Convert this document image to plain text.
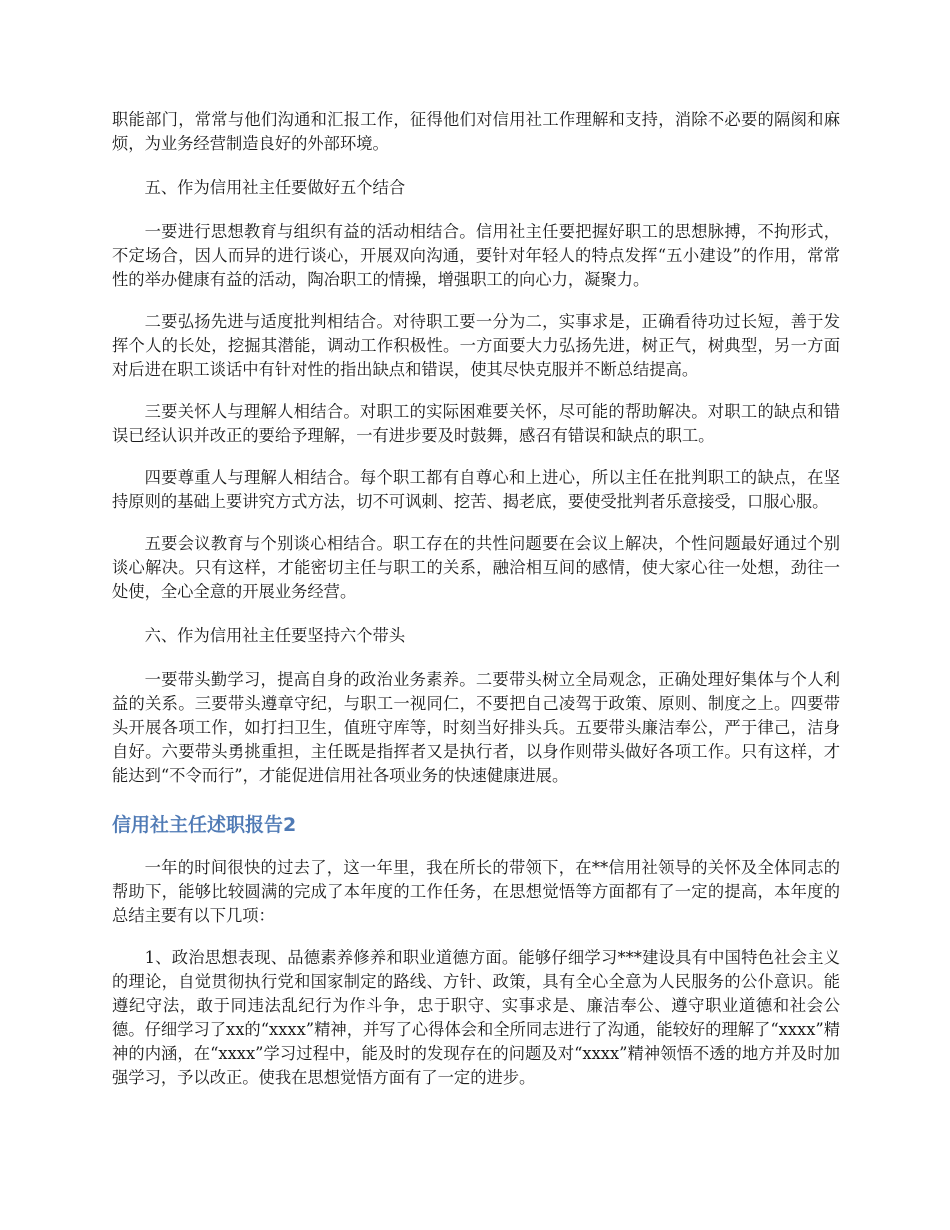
职能部门，常常与他们沟通和汇报工作，征得他们对信用社工作理解和支持，消除不必要的隔阂和麻烦，为业务经营制造良好的外部环境。

五、作为信用社主任要做好五个结合

一要进行思想教育与组织有益的活动相结合。信用社主任要把握好职工的思想脉搏，不拘形式，不定场合，因人而异的进行谈心，开展双向沟通，要针对年轻人的特点发挥“五小建设”的作用，常常性的举办健康有益的活动，陶冶职工的情操，增强职工的向心力，凝聚力。

二要弘扬先进与适度批判相结合。对待职工要一分为二，实事求是，正确看待功过长短，善于发挥个人的长处，挖掘其潜能，调动工作积极性。一方面要大力弘扬先进，树正气，树典型，另一方面对后进在职工谈话中有针对性的指出缺点和错误，使其尽快克服并不断总结提高。

三要关怀人与理解人相结合。对职工的实际困难要关怀，尽可能的帮助解决。对职工的缺点和错误已经认识并改正的要给予理解，一有进步要及时鼓舞，感召有错误和缺点的职工。

四要尊重人与理解人相结合。每个职工都有自尊心和上进心，所以主任在批判职工的缺点，在坚持原则的基础上要讲究方式方法，切不可讽刺、挖苦、揭老底，要使受批判者乐意接受，口服心服。

五要会议教育与个别谈心相结合。职工存在的共性问题要在会议上解决，个性问题最好通过个别谈心解决。只有这样，才能密切主任与职工的关系，融洽相互间的感情，使大家心往一处想，劲往一处使，全心全意的开展业务经营。

六、作为信用社主任要坚持六个带头

一要带头勤学习，提高自身的政治业务素养。二要带头树立全局观念，正确处理好集体与个人利益的关系。三要带头遵章守纪，与职工一视同仁，不要把自己凌驾于政策、原则、制度之上。四要带头开展各项工作，如打扫卫生，值班守库等，时刻当好排头兵。五要带头廉洁奉公，严于律己，洁身自好。六要带头勇挑重担，主任既是指挥者又是执行者，以身作则带头做好各项工作。只有这样，才能达到“不令而行”，才能促进信用社各项业务的快速健康进展。

信用社主任述职报告2

一年的时间很快的过去了，这一年里，我在所长的带领下，在**信用社领导的关怀及全体同志的帮助下，能够比较圆满的完成了本年度的工作任务，在思想觉悟等方面都有了一定的提高，本年度的总结主要有以下几项：

1、政治思想表现、品德素养修养和职业道德方面。能够仔细学习***建设具有中国特色社会主义的理论，自觉贯彻执行党和国家制定的路线、方针、政策，具有全心全意为人民服务的公仆意识。能遵纪守法，敢于同违法乱纪行为作斗争，忠于职守、实事求是、廉洁奉公、遵守职业道德和社会公德。仔细学习了xx的“xxxx”精神，并写了心得体会和全所同志进行了沟通，能较好的理解了“xxxx”精神的内涵，在“xxxx”学习过程中，能及时的发现存在的问题及对“xxxx”精神领悟不透的地方并及时加强学习，予以改正。使我在思想觉悟方面有了一定的进步。
